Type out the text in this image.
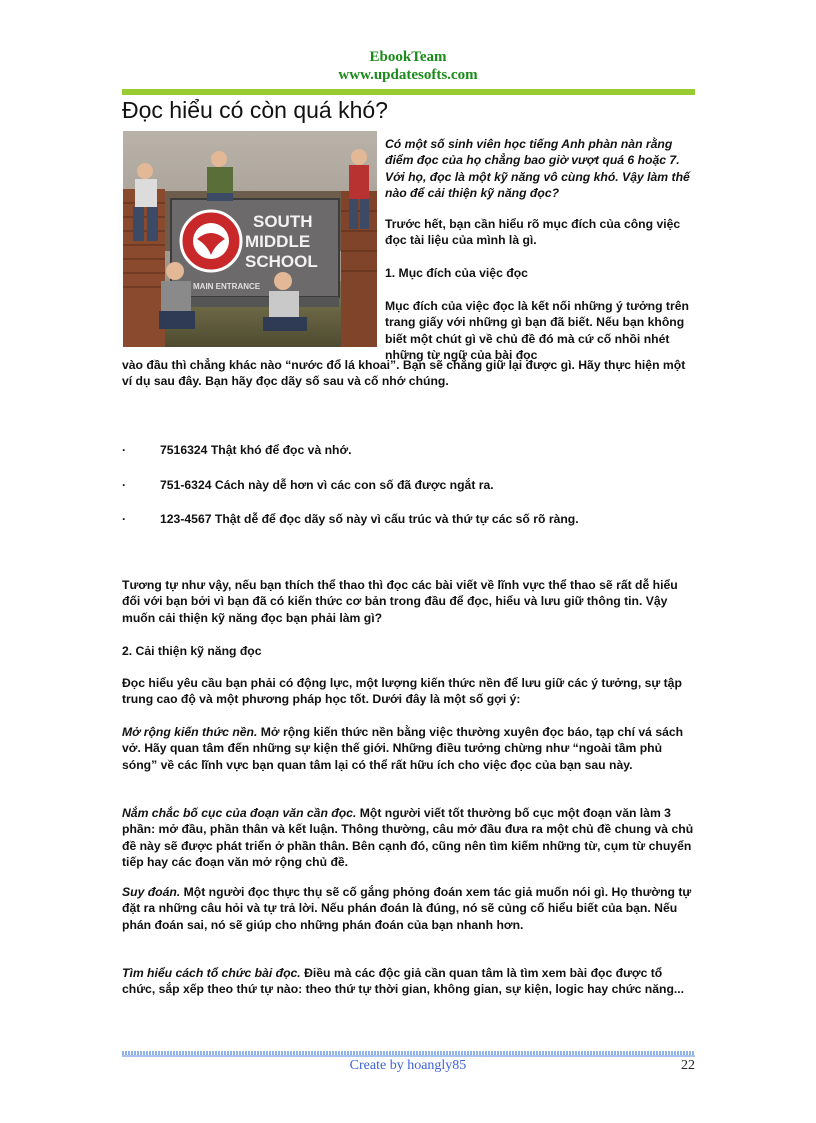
EbookTeam
www.updatesofts.com
Đọc hiểu có còn quá khó?
SOUTH
MIDDLE
SCHOOL
MAIN ENTRANCE
Có một số sinh viên học tiếng Anh phàn nàn rằng điểm đọc của họ chẳng bao giờ vượt quá 6 hoặc 7. Với họ, đọc là một kỹ năng vô cùng khó. Vậy làm thế nào để cải thiện kỹ năng đọc?
Trước hết, bạn cần hiểu rõ mục đích của công việc đọc tài liệu của mình là gì.
1. Mục đích của việc đọc
Mục đích của việc đọc là kết nối những ý tưởng trên trang giấy với những gì bạn đã biết. Nếu bạn không biết một chút gì về chủ đề đó mà cứ cố nhồi nhét những từ ngữ của bài đọc
vào đầu thì chẳng khác nào “nước đổ lá khoai”. Bạn sẽ chẳng giữ lại được gì. Hãy thực hiện một ví dụ sau đây. Bạn hãy đọc dãy số sau và cố nhớ chúng.
·	7516324 Thật khó để đọc và nhớ.
·	751-6324 Cách này dễ hơn vì các con số đã được ngắt ra.
·	123-4567 Thật dễ để đọc dãy số này vì cấu trúc và thứ tự các số rõ ràng.
Tương tự như vậy, nếu bạn thích thể thao thì đọc các bài viết về lĩnh vực thể thao sẽ rất dễ hiểu đối với bạn bởi vì bạn đã có kiến thức cơ bản trong đầu để đọc, hiểu và lưu giữ thông tin. Vậy muốn cải thiện kỹ năng đọc bạn phải làm gì?
2. Cải thiện kỹ năng đọc
Đọc hiểu yêu cầu bạn phải có động lực, một lượng kiến thức nền để lưu giữ các ý tưởng, sự tập trung cao độ và một phương pháp học tốt. Dưới đây là một số gợi ý:

Mở rộng kiến thức nền. Mở rộng kiến thức nền bằng việc thường xuyên đọc báo, tạp chí vá sách vở. Hãy quan tâm đến những sự kiện thế giới. Những điều tưởng chừng như “ngoài tầm phủ sóng” về các lĩnh vực bạn quan tâm lại có thể rất hữu ích cho việc đọc của bạn sau này.

Nắm chắc bố cục của đoạn văn cần đọc. Một người viết tốt thường bố cục một đoạn văn làm 3 phần: mở đầu, phần thân và kết luận. Thông thường, câu mở đầu đưa ra một chủ đề chung và chủ đề này sẽ được phát triển ở phần thân. Bên cạnh đó, cũng nên tìm kiếm những từ, cụm từ chuyển tiếp hay các đoạn văn mở rộng chủ đề.

Suy đoán. Một người đọc thực thụ sẽ cố gắng phỏng đoán xem tác giả muốn nói gì. Họ thường tự đặt ra những câu hỏi và tự trả lời. Nếu phán đoán là đúng, nó sẽ củng cố hiểu biết của bạn. Nếu phán đoán sai, nó sẽ giúp cho những phán đoán của bạn nhanh hơn.

Tìm hiểu cách tổ chức bài đọc. Điều mà các độc giả cần quan tâm là tìm xem bài đọc được tổ chức, sắp xếp theo thứ tự nào: theo thứ tự thời gian, không gian, sự kiện, logic hay chức năng...

Create by hoangly85	22
